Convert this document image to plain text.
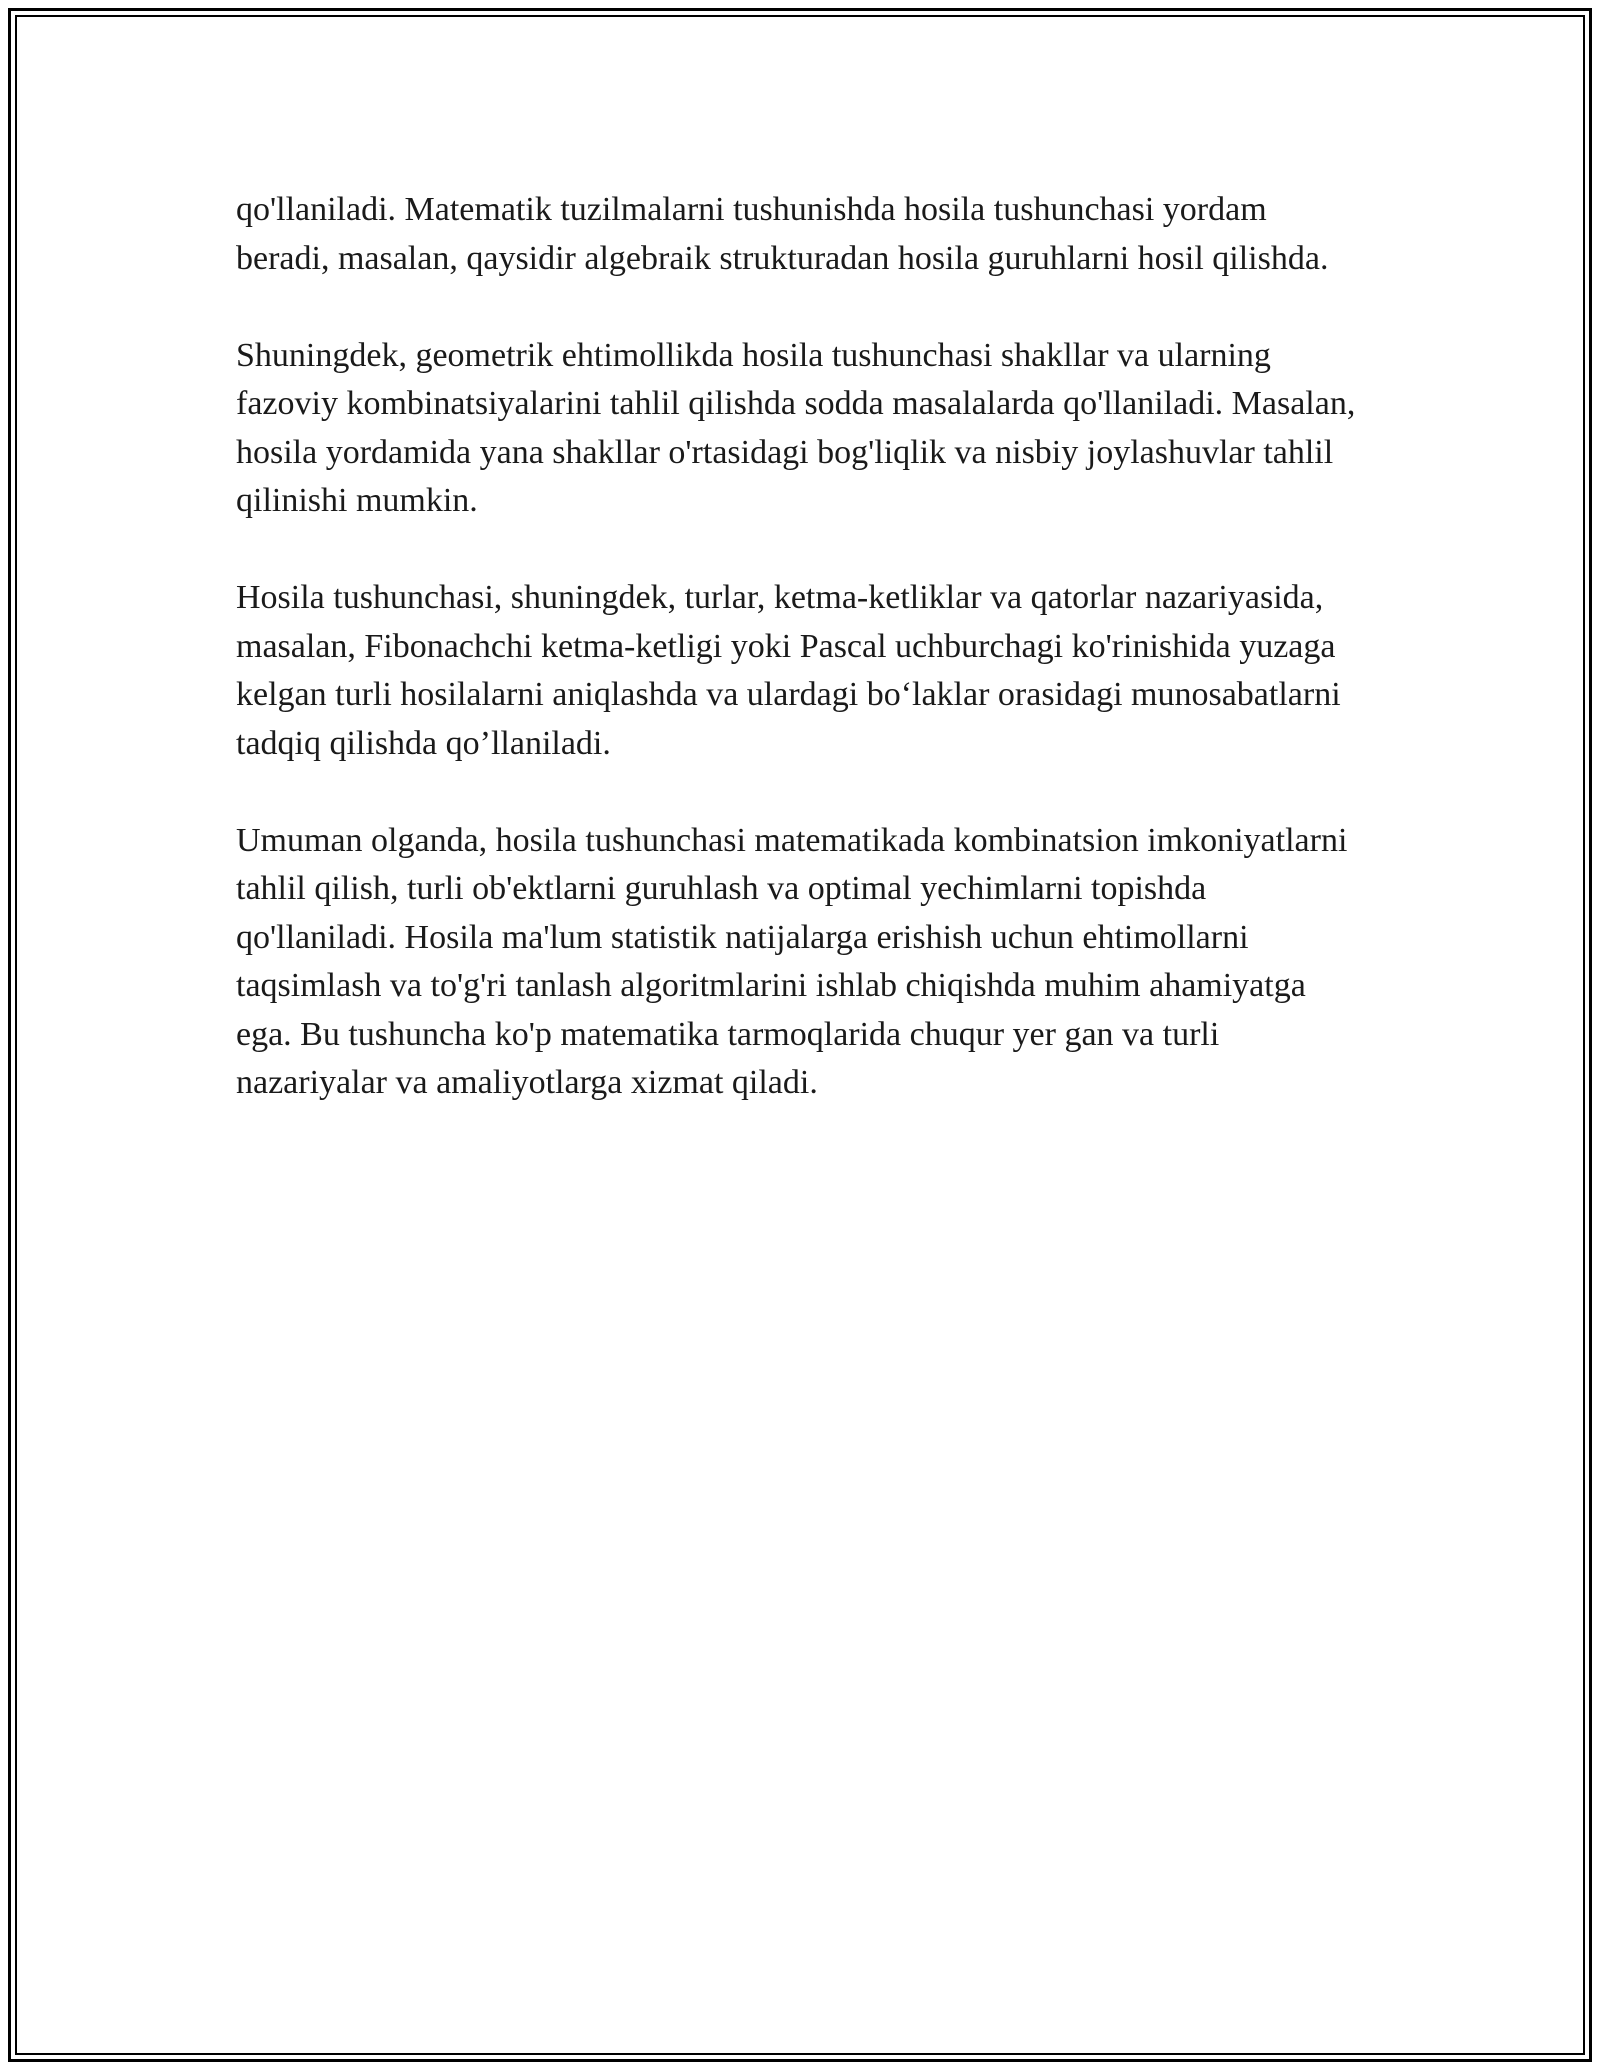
qo'llaniladi. Matematik tuzilmalarni tushunishda hosila tushunchasi yordam beradi, masalan, qaysidir algebraik strukturadan hosila guruhlarni hosil qilishda.

Shuningdek, geometrik ehtimollikda hosila tushunchasi shakllar va ularning fazoviy kombinatsiyalarini tahlil qilishda sodda masalalarda qo'llaniladi. Masalan, hosila yordamida yana shakllar o'rtasidagi bog'liqlik va nisbiy joylashuvlar tahlil qilinishi mumkin.

Hosila tushunchasi, shuningdek, turlar, ketma-ketliklar va qatorlar nazariyasida, masalan, Fibonachchi ketma-ketligi yoki Pascal uchburchagi ko'rinishida yuzaga kelgan turli hosilalarni aniqlashda va ulardagi bo‘laklar orasidagi munosabatlarni tadqiq qilishda qo’llaniladi.

Umuman olganda, hosila tushunchasi matematikada kombinatsion imkoniyatlarni tahlil qilish, turli ob'ektlarni guruhlash va optimal yechimlarni topishda qo'llaniladi. Hosila ma'lum statistik natijalarga erishish uchun ehtimollarni taqsimlash va to'g'ri tanlash algoritmlarini ishlab chiqishda muhim ahamiyatga ega. Bu tushuncha ko'p matematika tarmoqlarida chuqur yer gan va turli nazariyalar va amaliyotlarga xizmat qiladi.
